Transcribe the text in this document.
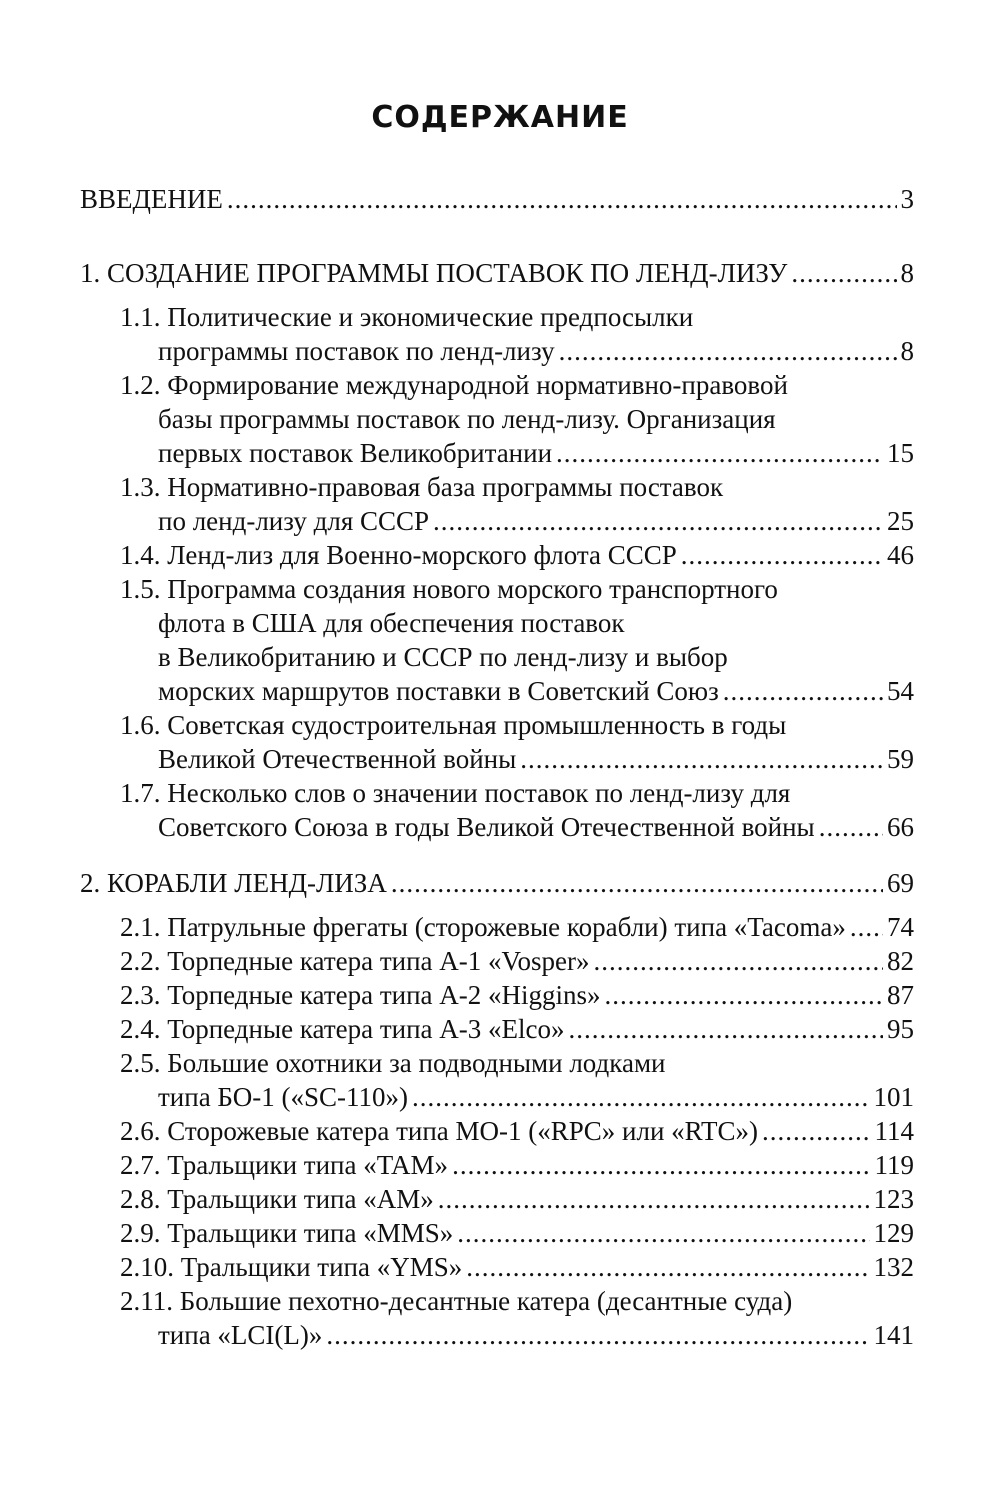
СОДЕРЖАНИЕ
ВВЕДЕНИЕ .....	3
1. СОЗДАНИЕ ПРОГРАММЫ ПОСТАВОК ПО ЛЕНД-ЛИЗУ .....	8
1.1. Политические и экономические предпосылки
программы поставок по ленд-лизу .....	8
1.2. Формирование международной нормативно-правовой
базы программы поставок по ленд-лизу. Организация
первых поставок Великобритании .....	15
1.3. Нормативно-правовая база программы поставок
по ленд-лизу для СССР .....	25
1.4. Ленд-лиз для Военно-морского флота СССР .....	46
1.5. Программа создания нового морского транспортного
флота в США для обеспечения поставок
в Великобританию и СССР по ленд-лизу и выбор
морских маршрутов поставки в Советский Союз .....	54
1.6. Советская судостроительная промышленность в годы
Великой Отечественной войны .....	59
1.7. Несколько слов о значении поставок по ленд-лизу для
Советского Союза в годы Великой Отечественной войны .....	66
2. КОРАБЛИ ЛЕНД-ЛИЗА .....	69
2.1. Патрульные фрегаты (сторожевые корабли) типа «Tacoma» ..... 74
2.2. Торпедные катера типа А-1 «Vosper» .....	82
2.3. Торпедные катера типа А-2 «Higgins» .....	87
2.4. Торпедные катера типа А-3 «Elco» .....	95
2.5. Большие охотники за подводными лодками
типа БО-1 («SC-110») .....	101
2.6. Сторожевые катера типа МО-1 («RPC» или «RTC») .....	114
2.7. Тральщики типа «TAM» .....	119
2.8. Тральщики типа «AM» .....	123
2.9. Тральщики типа «MMS» .....	129
2.10. Тральщики типа «YMS» .....	132
2.11. Большие пехотно-десантные катера (десантные суда)
типа «LCI(L)» .....	141
